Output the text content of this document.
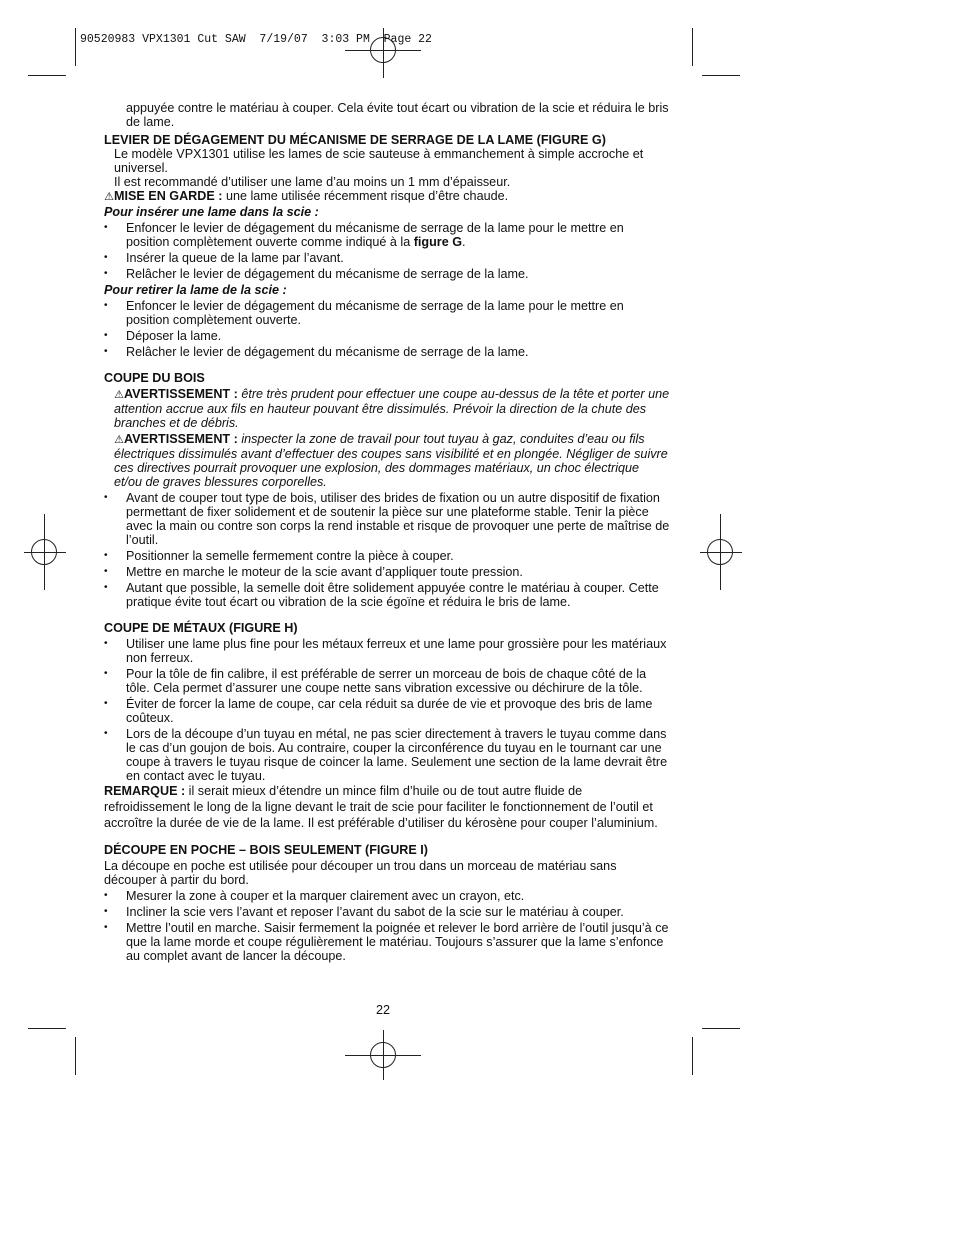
90520983 VPX1301 Cut SAW  7/19/07  3:03 PM  Page 22

appuyée contre le matériau à couper. Cela évite tout écart ou vibration de la scie et réduira le bris de lame.

LEVIER DE DÉGAGEMENT DU MÉCANISME DE SERRAGE DE LA LAME (FIGURE G)

Le modèle VPX1301 utilise les lames de scie sauteuse à emmanchement à simple accroche et universel.

Il est recommandé d’utiliser une lame d’au moins un 1 mm d’épaisseur.

⚠MISE EN GARDE : une lame utilisée récemment risque d’être chaude.

Pour insérer une lame dans la scie :

• Enfoncer le levier de dégagement du mécanisme de serrage de la lame pour le mettre en position complètement ouverte comme indiqué à la figure G.
• Insérer la queue de la lame par l’avant.
• Relâcher le levier de dégagement du mécanisme de serrage de la lame.

Pour retirer la lame de la scie :

• Enfoncer le levier de dégagement du mécanisme de serrage de la lame pour le mettre en position complètement ouverte.
• Déposer la lame.
• Relâcher le levier de dégagement du mécanisme de serrage de la lame.

COUPE DU BOIS

⚠AVERTISSEMENT : être très prudent pour effectuer une coupe au-dessus de la tête et porter une attention accrue aux fils en hauteur pouvant être dissimulés. Prévoir la direction de la chute des branches et de débris.

⚠AVERTISSEMENT : inspecter la zone de travail pour tout tuyau à gaz, conduites d’eau ou fils électriques dissimulés avant d’effectuer des coupes sans visibilité et en plongée. Négliger de suivre ces directives pourrait provoquer une explosion, des dommages matériaux, un choc électrique et/ou de graves blessures corporelles.

• Avant de couper tout type de bois, utiliser des brides de fixation ou un autre dispositif de fixation permettant de fixer solidement et de soutenir la pièce sur une plateforme stable. Tenir la pièce avec la main ou contre son corps la rend instable et risque de provoquer une perte de maîtrise de l’outil.
• Positionner la semelle fermement contre la pièce à couper.
• Mettre en marche le moteur de la scie avant d’appliquer toute pression.
• Autant que possible, la semelle doit être solidement appuyée contre le matériau à couper. Cette pratique évite tout écart ou vibration de la scie égoïne et réduira le bris de lame.

COUPE DE MÉTAUX (FIGURE H)

• Utiliser une lame plus fine pour les métaux ferreux et une lame pour grossière pour les matériaux non ferreux.
• Pour la tôle de fin calibre, il est préférable de serrer un morceau de bois de chaque côté de la tôle. Cela permet d’assurer une coupe nette sans vibration excessive ou déchirure de la tôle.
• Éviter de forcer la lame de coupe, car cela réduit sa durée de vie et provoque des bris de lame coûteux.
• Lors de la découpe d’un tuyau en métal, ne pas scier directement à travers le tuyau comme dans le cas d’un goujon de bois. Au contraire, couper la circonférence du tuyau en le tournant car une coupe à travers le tuyau risque de coincer la lame. Seulement une section de la lame devrait être en contact avec le tuyau.

REMARQUE : il serait mieux d’étendre un mince film d’huile ou de tout autre fluide de refroidissement le long de la ligne devant le trait de scie pour faciliter le fonctionnement de l’outil et accroître la durée de vie de la lame. Il est préférable d’utiliser du kérosène pour couper l’aluminium.

DÉCOUPE EN POCHE – BOIS SEULEMENT (FIGURE I)

La découpe en poche est utilisée pour découper un trou dans un morceau de matériau sans découper à partir du bord.

• Mesurer la zone à couper et la marquer clairement avec un crayon, etc.
• Incliner la scie vers l’avant et reposer l’avant du sabot de la scie sur le matériau à couper.
• Mettre l’outil en marche. Saisir fermement la poignée et relever le bord arrière de l’outil jusqu’à ce que la lame morde et coupe régulièrement le matériau. Toujours s’assurer que la lame s’enfonce au complet avant de lancer la découpe.
22
